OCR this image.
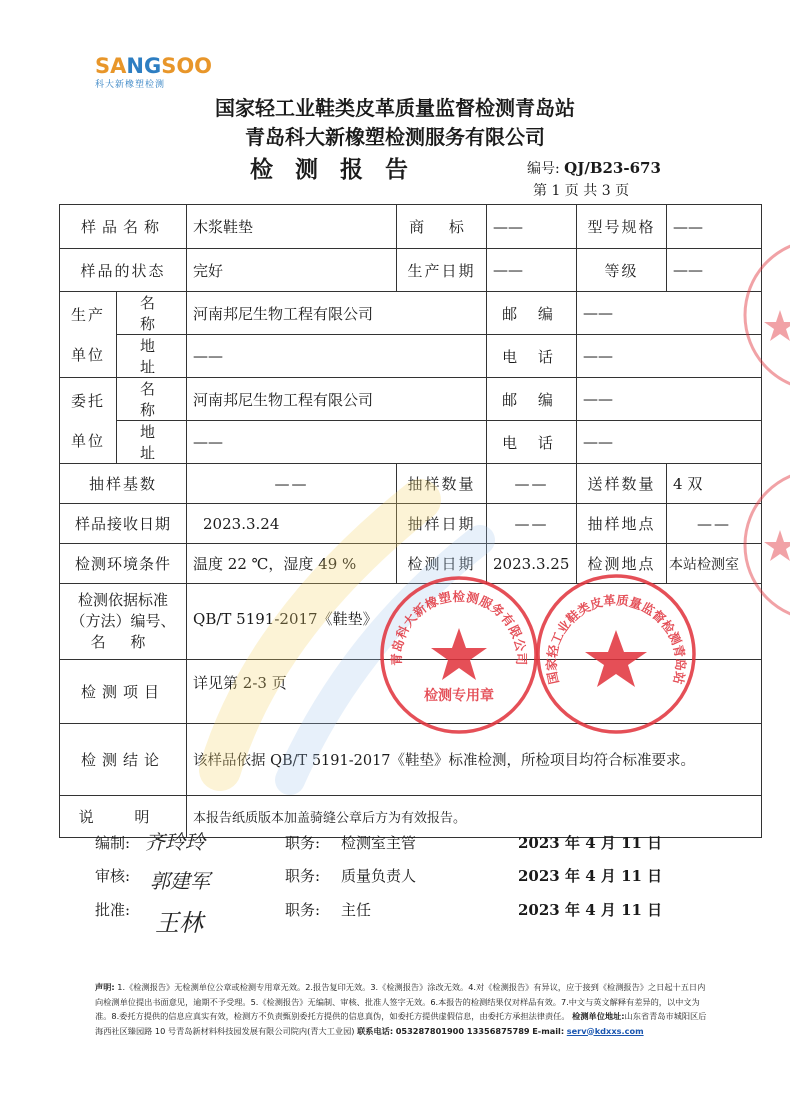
SANGSOO
科大新橡塑检测
国家轻工业鞋类皮革质量监督检测青岛站
青岛科大新橡塑检测服务有限公司
检测报告	编号: QJ/B23-673
第 1 页 共 3 页
样品名称		木浆鞋垫	商 标	——	型号规格	——
样品的状态		完好	生产日期	——	等级	——
生产
单位	名 称	河南邦尼生物工程有限公司		邮 编	——	
	地 址	——		电 话	——	
委托
单位	名 称	河南邦尼生物工程有限公司		邮 编	——	
	地 址	——		电 话	——	
抽样基数		——	抽样数量	——	送样数量	4 双
样品接收日期		2023.3.24	抽样日期	——	抽样地点	——
检测环境条件		温度 22 ℃，湿度 49 %	检测日期	2023.3.25	检测地点	本站检测室
检测依据标准
（方法）编号、
名 称		QB/T 5191-2017《鞋垫》				
检测项目		详见第 2-3 页				
检测结论		该样品依据 QB/T 5191-2017《鞋垫》标准检测，所检项目均符合标准要求。				
说 明		本报告纸质版本加盖骑缝公章后方为有效报告。				
青岛科大新橡塑检测服务有限公司
检测专用章
国家轻工业鞋类皮革质量监督检测青岛站
编制: 齐玲玲	职务: 检测室主管	2023 年 4 月 11 日
审核: 郭建军	职务: 质量负责人	2023 年 4 月 11 日
批准: 王林	职务: 主任	2023 年 4 月 11 日
声明: 1.《检测报告》无检测单位公章或检测专用章无效。2.报告复印无效。3.《检测报告》涂改无效。4.对《检测报告》有异议，应于接到《检测报告》之日起十五日内向检测单位提出书面意见，逾期不予受理。5.《检测报告》无编制、审核、批准人签字无效。6.本报告的检测结果仅对样品有效。7.中文与英文解释有差异的，以中文为准。8.委托方提供的信息应真实有效，检测方不负责甄别委托方提供的信息真伪，如委托方提供虚假信息，由委托方承担法律责任。 检测单位地址:山东省青岛市城阳区后海西社区臻园路 10 号青岛新材料科技园发展有限公司院内(青大工业园) 联系电话: 053287801900 13356875789 E-mail: serv@kdxxs.com
